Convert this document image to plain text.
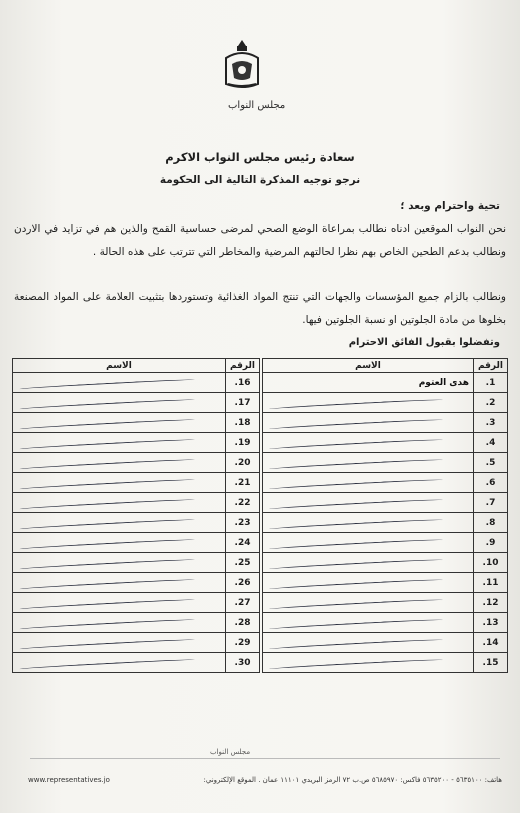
مجلس النواب
سعادة رئيس مجلس النواب الاكرم
نرجو توجيه المذكرة التالية الى الحكومة
تحية واحترام وبعد ؛
نحن النواب الموقعين ادناه نطالب بمراعاة الوضع الصحي لمرضى حساسية القمح والذين هم في تزايد في الاردن ونطالب بدعم الطحين الخاص بهم نظرا لحالتهم المرضية والمخاطر التي تترتب على هذه الحالة .
ونطالب بالزام جميع المؤسسات والجهات التي تنتج المواد الغذائية وتستوردها بتثبيت العلامة على المواد المصنعة بخلوها من مادة الجلوتين او نسبة الجلوتين فيها.
وتفضلوا بقبول الفائق الاحترام
الرقم	الاسم
1.	هدى العتوم
2.	

3.	

4.	

5.	

6.	

7.	

8.	

9.	

10.	

11.	

12.	

13.	

14.	

15.	
الرقم	الاسم
16.	

17.	

18.	

19.	

20.	

21.	

22.	

23.	

24.	

25.	

26.	

27.	

28.	

29.	

30.	
مجلس النواب
هاتف: ٥٦٣٥١٠٠ - ٥٦٣٥٢٠٠ فاكس: ٥٦٨٥٩٧٠ ص.ب ٧٢ الرمز البريدي ١١١٠١ عمان . الموقع الإلكتروني:
www.representatives.jo
